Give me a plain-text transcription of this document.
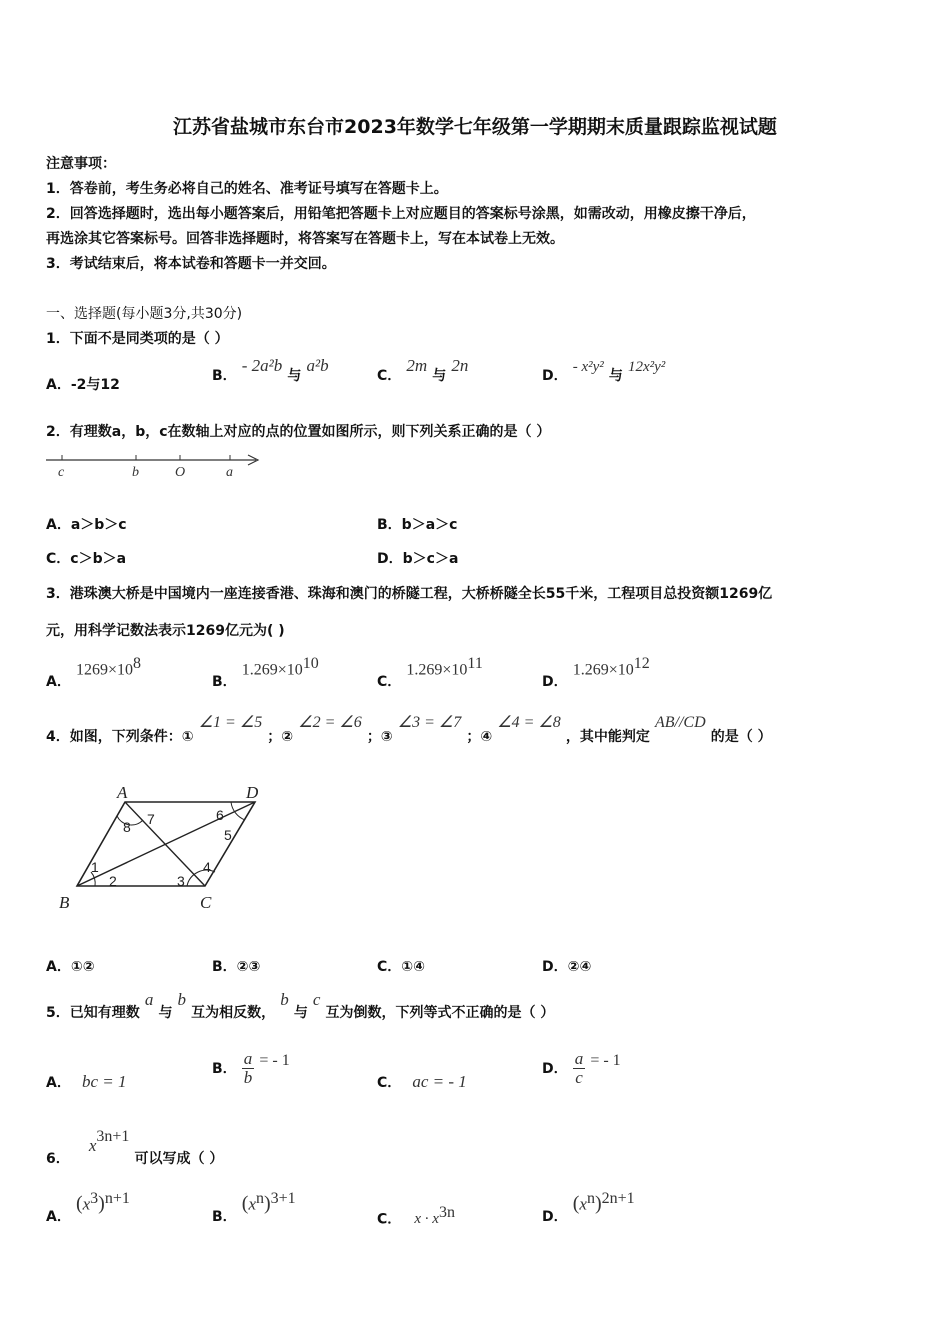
江苏省盐城市东台市2023年数学七年级第一学期期末质量跟踪监视试题
注意事项：
1．答卷前，考生务必将自己的姓名、准考证号填写在答题卡上。
2．回答选择题时，选出每小题答案后，用铅笔把答题卡上对应题目的答案标号涂黑，如需改动，用橡皮擦干净后，
再选涂其它答案标号。回答非选择题时，将答案写在答题卡上，写在本试卷上无效。
3．考试结束后，将本试卷和答题卡一并交回。
一、选择题(每小题3分,共30分)
1．下面不是同类项的是（ ）
A．-2与12
B． - 2a²b 与 a²b
C． 2m 与 2n
D． - x²y² 与 12x²y²
2．有理数a，b，c在数轴上对应的点的位置如图所示，则下列关系正确的是（ ）
c	b	O	a
A．a＞b＞c	B．b＞a＞c
C．c＞b＞a	D．b＞c＞a
3．港珠澳大桥是中国境内一座连接香港、珠海和澳门的桥隧工程，大桥桥隧全长55千米，工程项目总投资额1269亿
元，用科学记数法表示1269亿元为( )
A． $1269\times 10^8$
B． $1.269\times 10^{10}$
C． $1.269\times 10^{11}$
D． $1.269\times 10^{12}$
4．如图，下列条件：① ∠1 = ∠5 ；② ∠2 = ∠6 ；③ ∠3 = ∠7 ；④ ∠4 = ∠8 ，其中能判定 AB//CD 的是（ ）
A	D
B	C
1
2	3
4
5
6
7
8
A．①②	B．②③	C．①④	D．②④
5．已知有理数 a 与 b 互为相反数， b 与 c 互为倒数，下列等式不正确的是（ ）
A． bc = 1
B． $\frac{a}{b}$ = - 1
C． ac = - 1
D． $\frac{a}{c}$ = - 1
6． $x^{3n+1}$ 可以写成（ ）
A． $(x^3)^{n+1}$
B． $(x^n)^{3+1}$
C． $x \cdot x^{3n}$	D． $(x^n)^{2n+1}$
